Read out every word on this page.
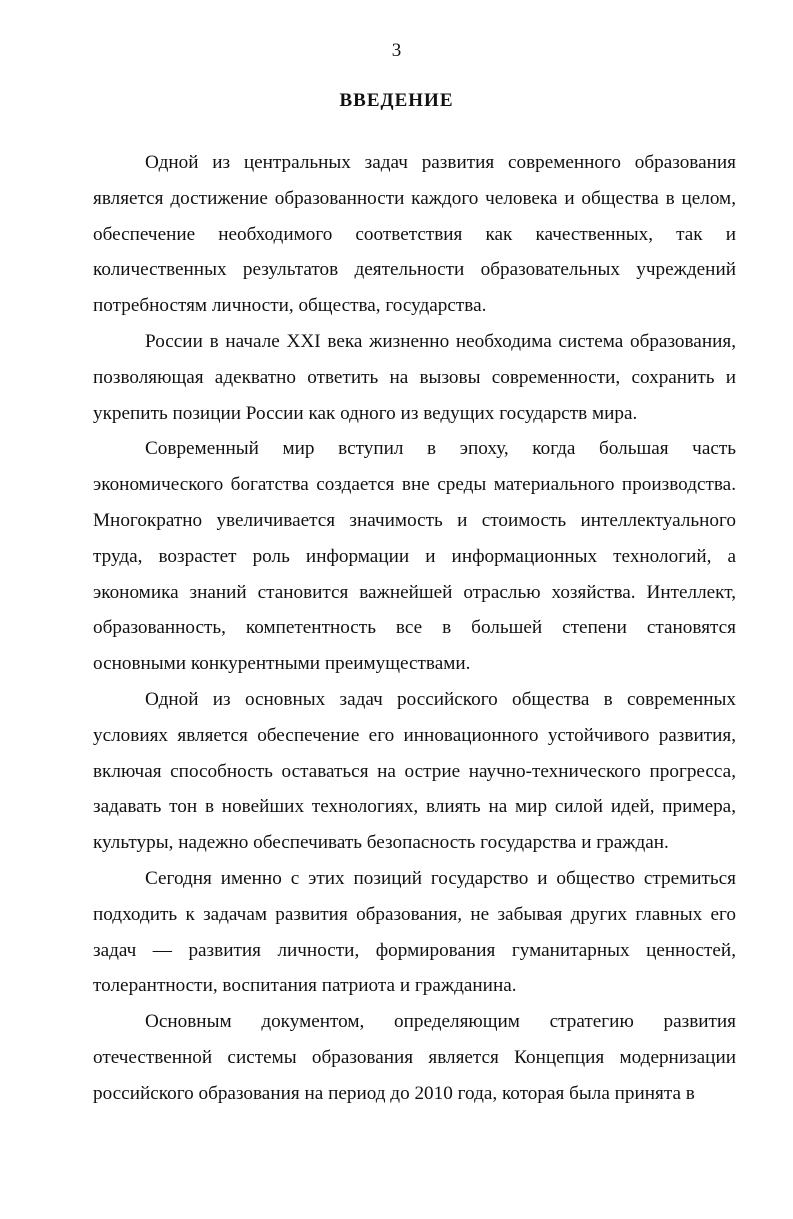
3
ВВЕДЕНИЕ

Одной из центральных задач развития современного образования является достижение образованности каждого человека и общества в целом, обеспечение необходимого соответствия как качественных, так и количественных результатов деятельности образовательных учреждений потребностям личности, общества, государства.

России в начале XXI века жизненно необходима система образования, позволяющая адекватно ответить на вызовы современности, сохранить и укрепить позиции России как одного из ведущих государств мира.

Современный мир вступил в эпоху, когда большая часть экономического богатства создается вне среды материального производства. Многократно увеличивается значимость и стоимость интеллектуального труда, возрастет роль информации и информационных технологий, а экономика знаний становится важнейшей отраслью хозяйства. Интеллект, образованность, компетентность все в большей степени становятся основными конкурентными преимуществами.

Одной из основных задач российского общества в современных условиях является обеспечение его инновационного устойчивого развития, включая способность оставаться на острие научно-технического прогресса, задавать тон в новейших технологиях, влиять на мир силой идей, примера, культуры, надежно обеспечивать безопасность государства и граждан.

Сегодня именно с этих позиций государство и общество стремиться подходить к задачам развития образования, не забывая других главных его задач — развития личности, формирования гуманитарных ценностей, толерантности, воспитания патриота и гражданина.

Основным документом, определяющим стратегию развития отечественной системы образования является Концепция модернизации российского образования на период до 2010 года, которая была принята в
